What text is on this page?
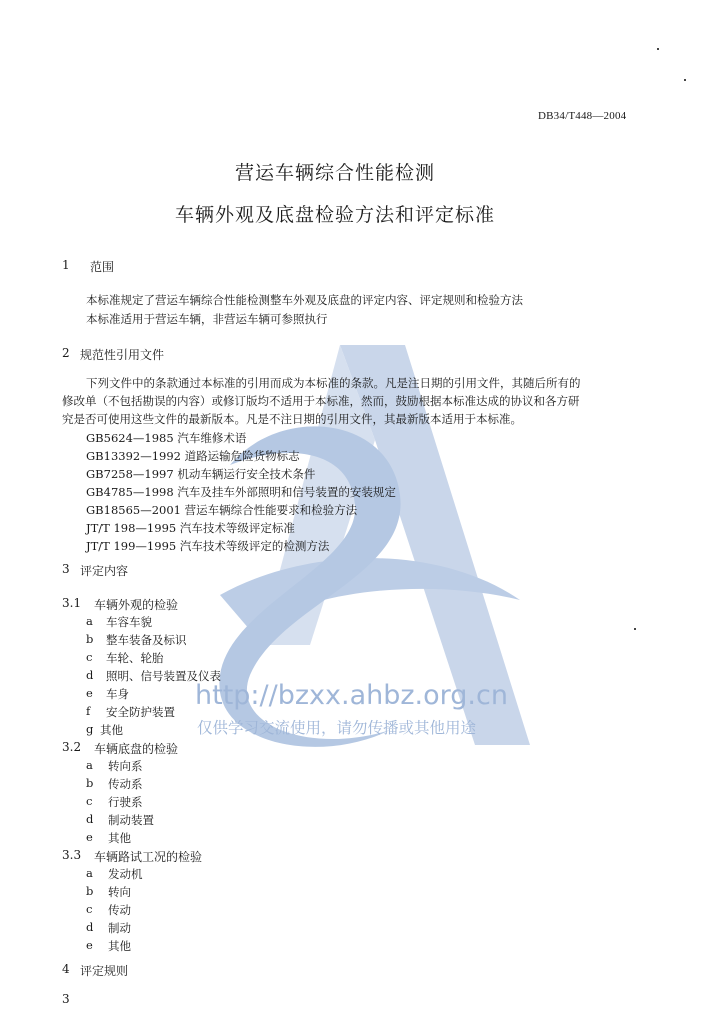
DB34/T448—2004
营运车辆综合性能检测
车辆外观及底盘检验方法和评定标准
1 范围
本标准规定了营运车辆综合性能检测整车外观及底盘的评定内容、评定规则和检验方法
本标准适用于营运车辆，非营运车辆可参照执行
2 规范性引用文件
下列文件中的条款通过本标准的引用而成为本标准的条款。凡是注日期的引用文件，其随后所有的
修改单（不包括勘误的内容）或修订版均不适用于本标准，然而，鼓励根据本标准达成的协议和各方研
究是否可使用这些文件的最新版本。凡是不注日期的引用文件，其最新版本适用于本标准。
GB5624—1985 汽车维修术语
GB13392—1992 道路运输危险货物标志
GB7258—1997 机动车辆运行安全技术条件
GB4785—1998 汽车及挂车外部照明和信号装置的安装规定
GB18565—2001 营运车辆综合性能要求和检验方法
JT/T 198—1995 汽车技术等级评定标准
JT/T 199—1995 汽车技术等级评定的检测方法
3 评定内容
3.1 车辆外观的检验
a 车容车貌
b 整车装备及标识
c 车轮、轮胎
d 照明、信号装置及仪表
e 车身
f 安全防护装置
g 其他
3.2 车辆底盘的检验
a 转向系
b 传动系
c 行驶系
d 制动装置
e 其他
3.3 车辆路试工况的检验
a 发动机
b 转向
c 传动
d 制动
e 其他
4 评定规则
3
http://bzxx.ahbz.org.cn
仅供学习交流使用，请勿传播或其他用途
